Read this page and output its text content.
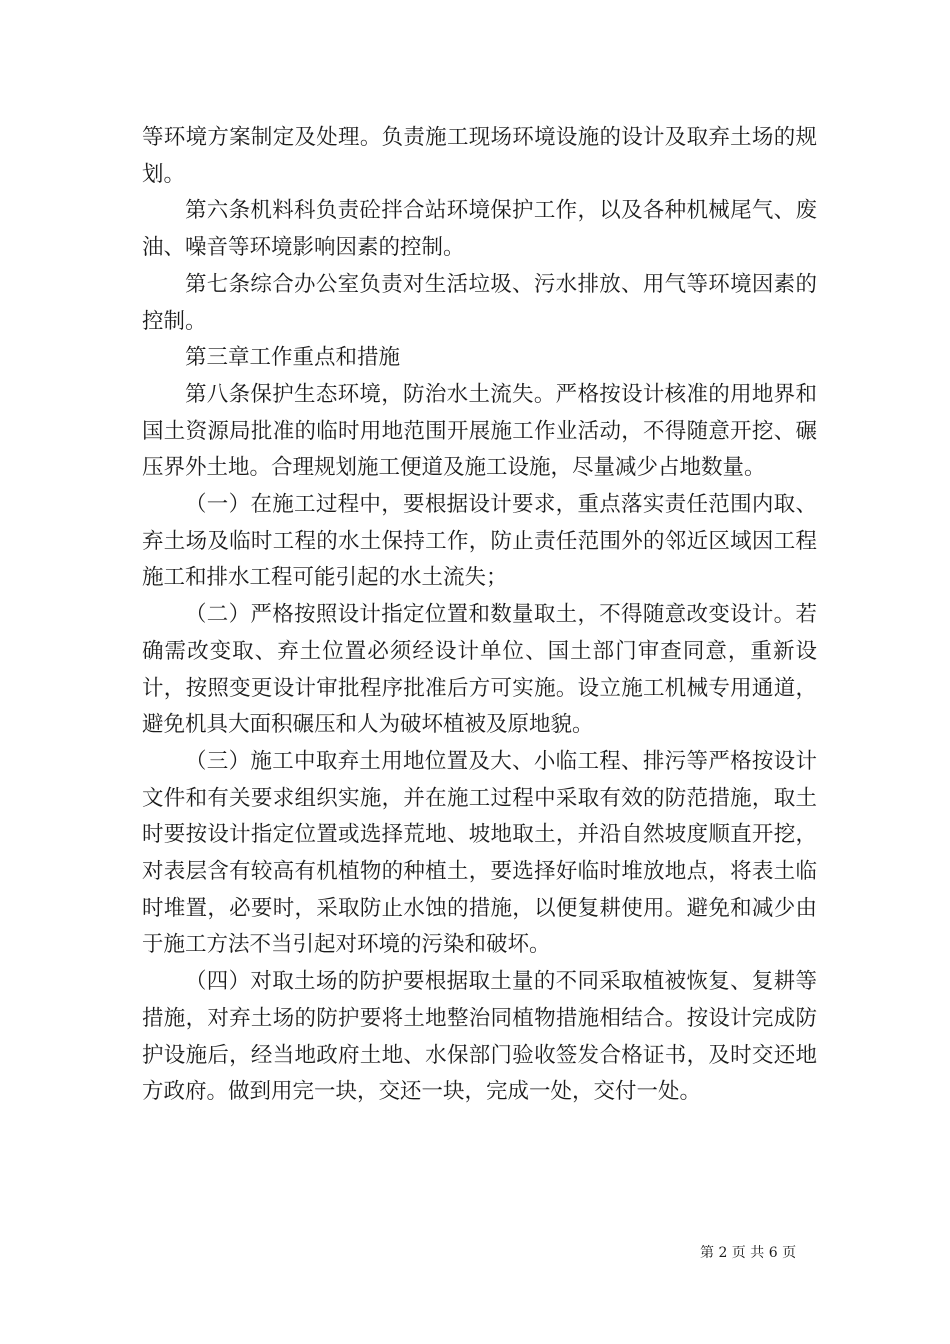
等环境方案制定及处理。负责施工现场环境设施的设计及取弃土场的规划。

第六条机料科负责砼拌合站环境保护工作，以及各种机械尾气、废油、噪音等环境影响因素的控制。

第七条综合办公室负责对生活垃圾、污水排放、用气等环境因素的控制。

第三章工作重点和措施

第八条保护生态环境，防治水土流失。严格按设计核准的用地界和国土资源局批准的临时用地范围开展施工作业活动，不得随意开挖、碾压界外土地。合理规划施工便道及施工设施，尽量减少占地数量。

（一）在施工过程中，要根据设计要求，重点落实责任范围内取、弃土场及临时工程的水土保持工作，防止责任范围外的邻近区域因工程施工和排水工程可能引起的水土流失；

（二）严格按照设计指定位置和数量取土，不得随意改变设计。若确需改变取、弃土位置必须经设计单位、国土部门审查同意，重新设计，按照变更设计审批程序批准后方可实施。设立施工机械专用通道，避免机具大面积碾压和人为破坏植被及原地貌。

（三）施工中取弃土用地位置及大、小临工程、排污等严格按设计文件和有关要求组织实施，并在施工过程中采取有效的防范措施，取土时要按设计指定位置或选择荒地、坡地取土，并沿自然坡度顺直开挖，对表层含有较高有机植物的种植土，要选择好临时堆放地点，将表土临时堆置，必要时，采取防止水蚀的措施，以便复耕使用。避免和减少由于施工方法不当引起对环境的污染和破坏。

（四）对取土场的防护要根据取土量的不同采取植被恢复、复耕等措施，对弃土场的防护要将土地整治同植物措施相结合。按设计完成防护设施后，经当地政府土地、水保部门验收签发合格证书，及时交还地方政府。做到用完一块，交还一块，完成一处，交付一处。

第 2 页 共 6 页
